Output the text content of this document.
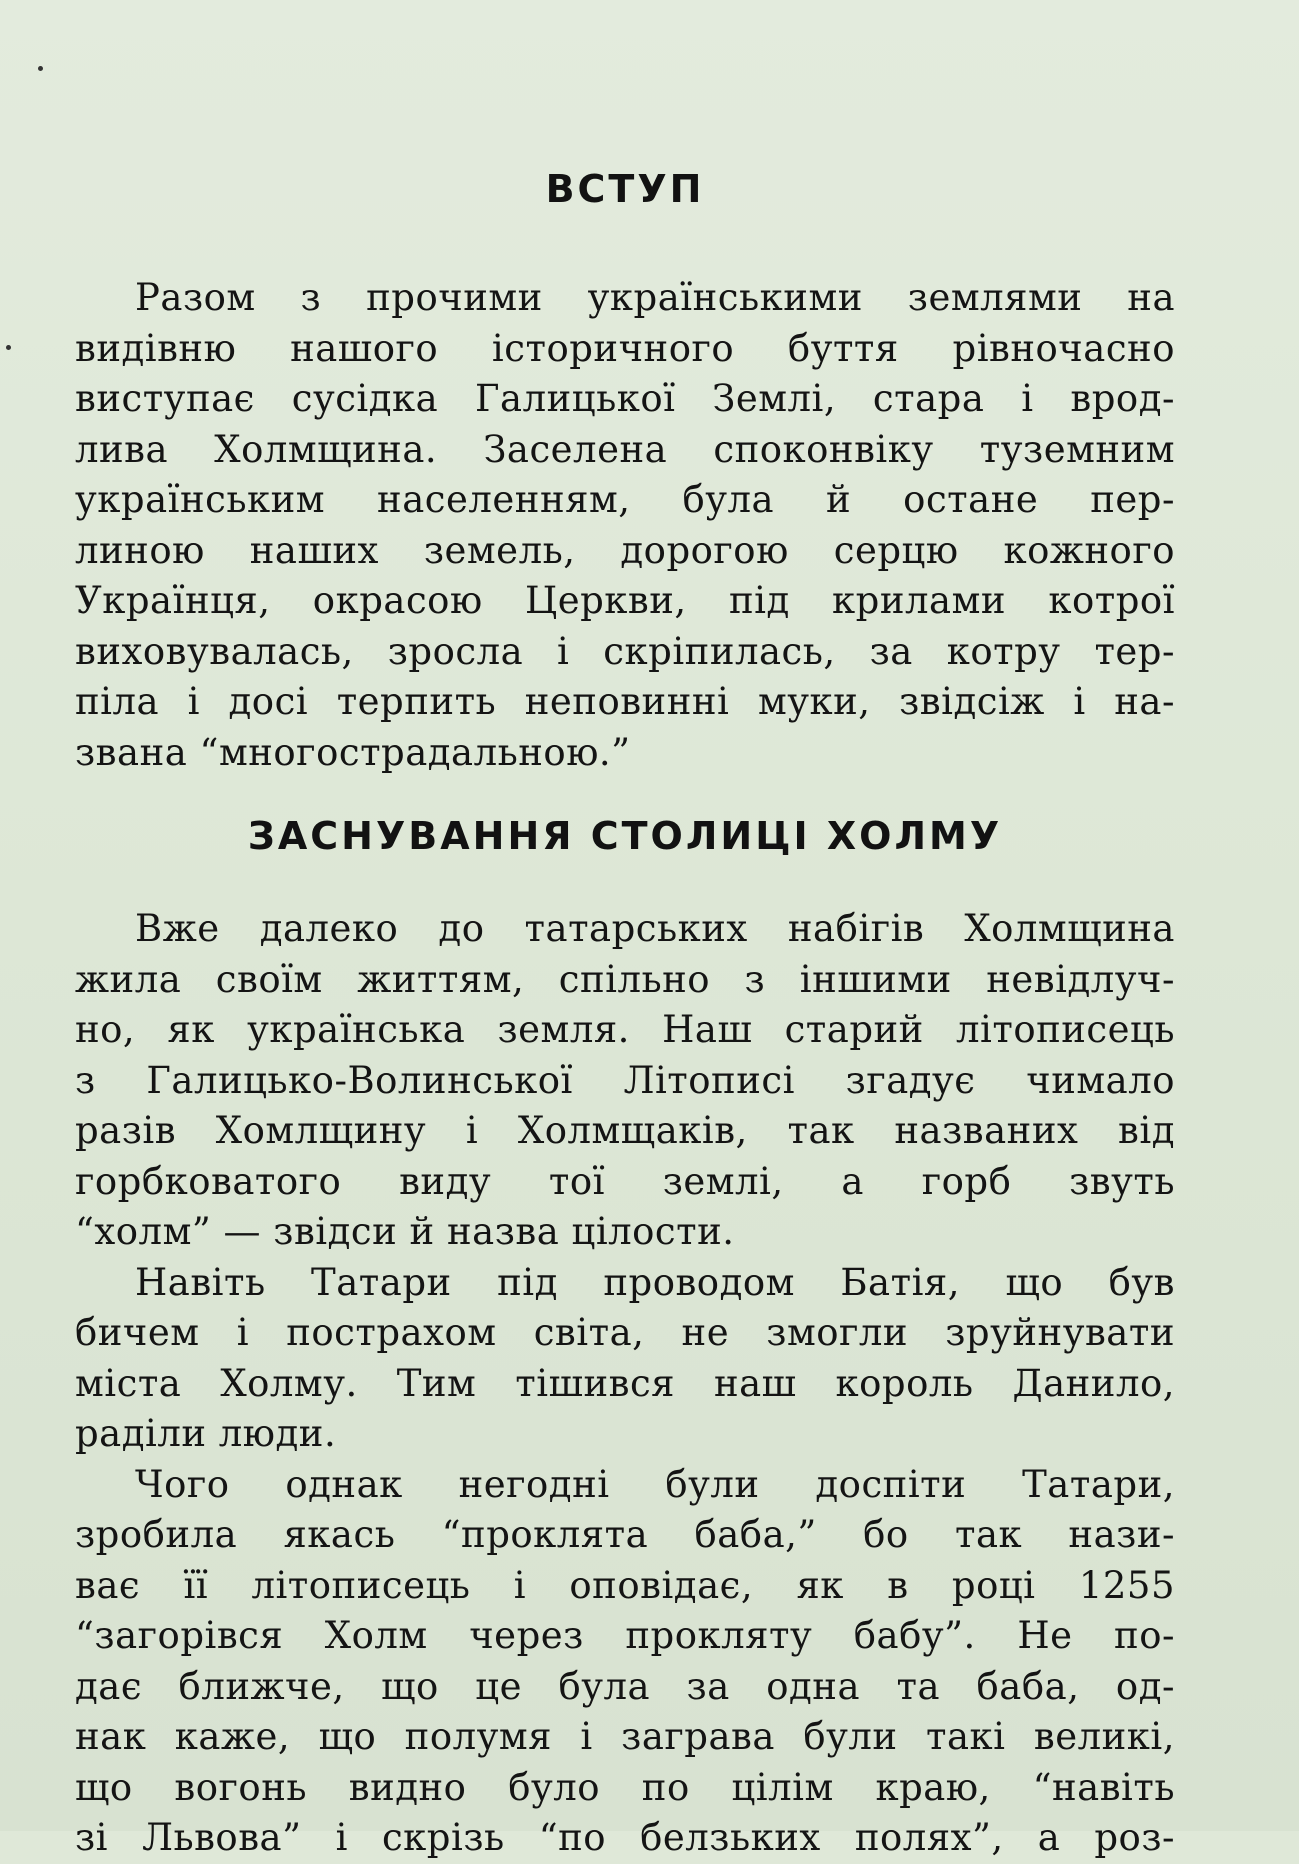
ВСТУП
Разом з прочими українськими землями на
видівню нашого історичного буття рівночасно
виступає сусідка Галицької Землі, стара і врод-
лива Холмщина. Заселена споконвіку туземним
українським населенням, була й остане пер-
линою наших земель, дорогою серцю кожного
Українця, окрасою Церкви, під крилами котрої
виховувалась, зросла і скріпилась, за котру тер-
піла і досі терпить неповинні муки, звідсіж і на-
звана “многострадальною.”
ЗАСНУВАННЯ СТОЛИЦІ ХОЛМУ
Вже далеко до татарських набігів Холмщина
жила своїм життям, спільно з іншими невідлуч-
но, як українська земля. Наш старий літописець
з Галицько-Волинської Літописі згадує чимало
разів Хомлщину і Холмщаків, так названих від
горбковатого виду тої землі, а горб звуть
“холм” — звідси й назва цілости.
Навіть Татари під проводом Батія, що був
бичем і пострахом світа, не змогли зруйнувати
міста Холму. Тим тішився наш король Данило,
раділи люди.
Чого однак негодні були доспіти Татари,
зробила якась “проклята баба,” бо так нази-
ває її літописець і оповідає, як в році 1255
“загорівся Холм через прокляту бабу”. Не по-
дає ближче, що це була за одна та баба, од-
нак каже, що полумя і заграва були такі великі,
що вогонь видно було по цілім краю, “навіть
зі Львова” і скрізь “по белзьких полях”, а роз-
